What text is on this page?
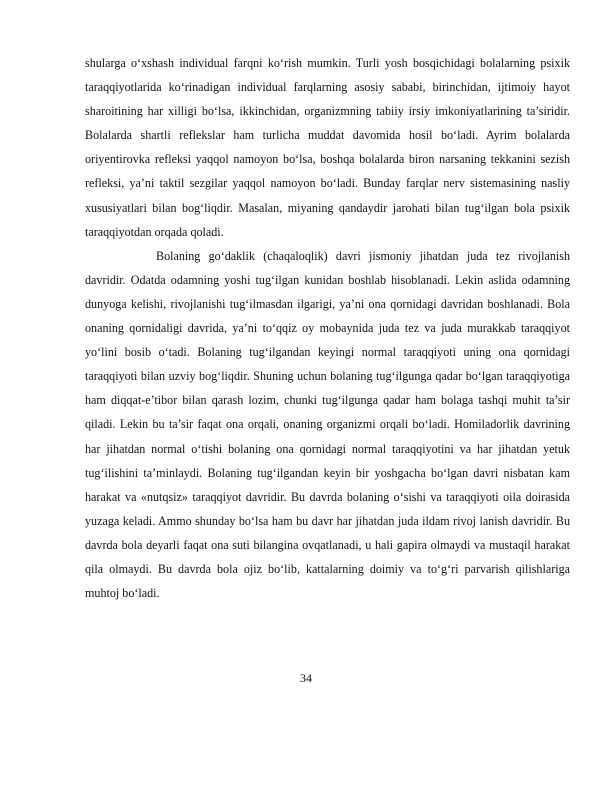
shularga o‘xshash individual farqni ko‘rish mumkin. Turli yosh bosqichidagi bolalarning psixik taraqqiyotlarida ko‘rinadigan individual farqlarning asosiy sababi, birinchidan, ijtimoiy hayot sharoitining har xilligi bo‘lsa, ikkinchidan, organizmning tabiiy irsiy imkoniyatlarining ta’siridir. Bolalarda shartli reflekslar ham turlicha muddat davomida hosil bo‘ladi. Ayrim bolalarda oriyentirovka refleksi yaqqol namoyon bo‘lsa, boshqa bolalarda biron narsaning tekkanini sezish refleksi, ya’ni taktil sezgilar yaqqol namoyon bo‘ladi. Bunday farqlar nerv sistemasining nasliy xususiyatlari bilan bog‘liqdir. Masalan, miyaning qandaydir jarohati bilan tug‘ilgan bola psixik taraqqiyotdan orqada qoladi.

Bolaning go‘daklik (chaqaloqlik) davri jismoniy jihatdan juda tez rivojlanish davridir. Odatda odamning yoshi tug‘ilgan kunidan boshlab hisoblanadi. Lekin aslida odamning dunyoga kelishi, rivojlanishi tug‘ilmasdan ilgarigi, ya’ni ona qornidagi davridan boshlanadi. Bola onaning qornidaligi davrida, ya’ni to‘qqiz oy mobaynida juda tez va juda murakkab taraqqiyot yo‘lini bosib o‘tadi. Bolaning tug‘ilgandan keyingi normal taraqqiyoti uning ona qornidagi taraqqiyoti bilan uzviy bog‘liqdir. Shuning uchun bolaning tug‘ilgunga qadar bo‘lgan taraqqiyotiga ham diqqat-e’tibor bilan qarash lozim, chunki tug‘ilgunga qadar ham bolaga tashqi muhit ta’sir qiladi. Lekin bu ta’sir faqat ona orqali, onaning organizmi orqali bo‘ladi. Homiladorlik davrining har jihatdan normal o‘tishi bolaning ona qornidagi normal taraqqiyotini va har jihatdan yetuk tug‘ilishini ta’minlaydi. Bolaning tug‘ilgandan keyin bir yoshgacha bo‘lgan davri nisbatan kam harakat va «nutqsiz» taraqqiyot davridir. Bu davrda bolaning o‘sishi va taraqqiyoti oila doirasida yuzaga keladi. Ammo shunday bo‘lsa ham bu davr har jihatdan juda ildam rivoj lanish davridir. Bu davrda bola deyarli faqat ona suti bilangina ovqatlanadi, u hali gapira olmaydi va mustaqil harakat qila olmaydi. Bu davrda bola ojiz bo‘lib, kattalarning doimiy va to‘g‘ri parvarish qilishlariga muhtoj bo‘ladi.

34
